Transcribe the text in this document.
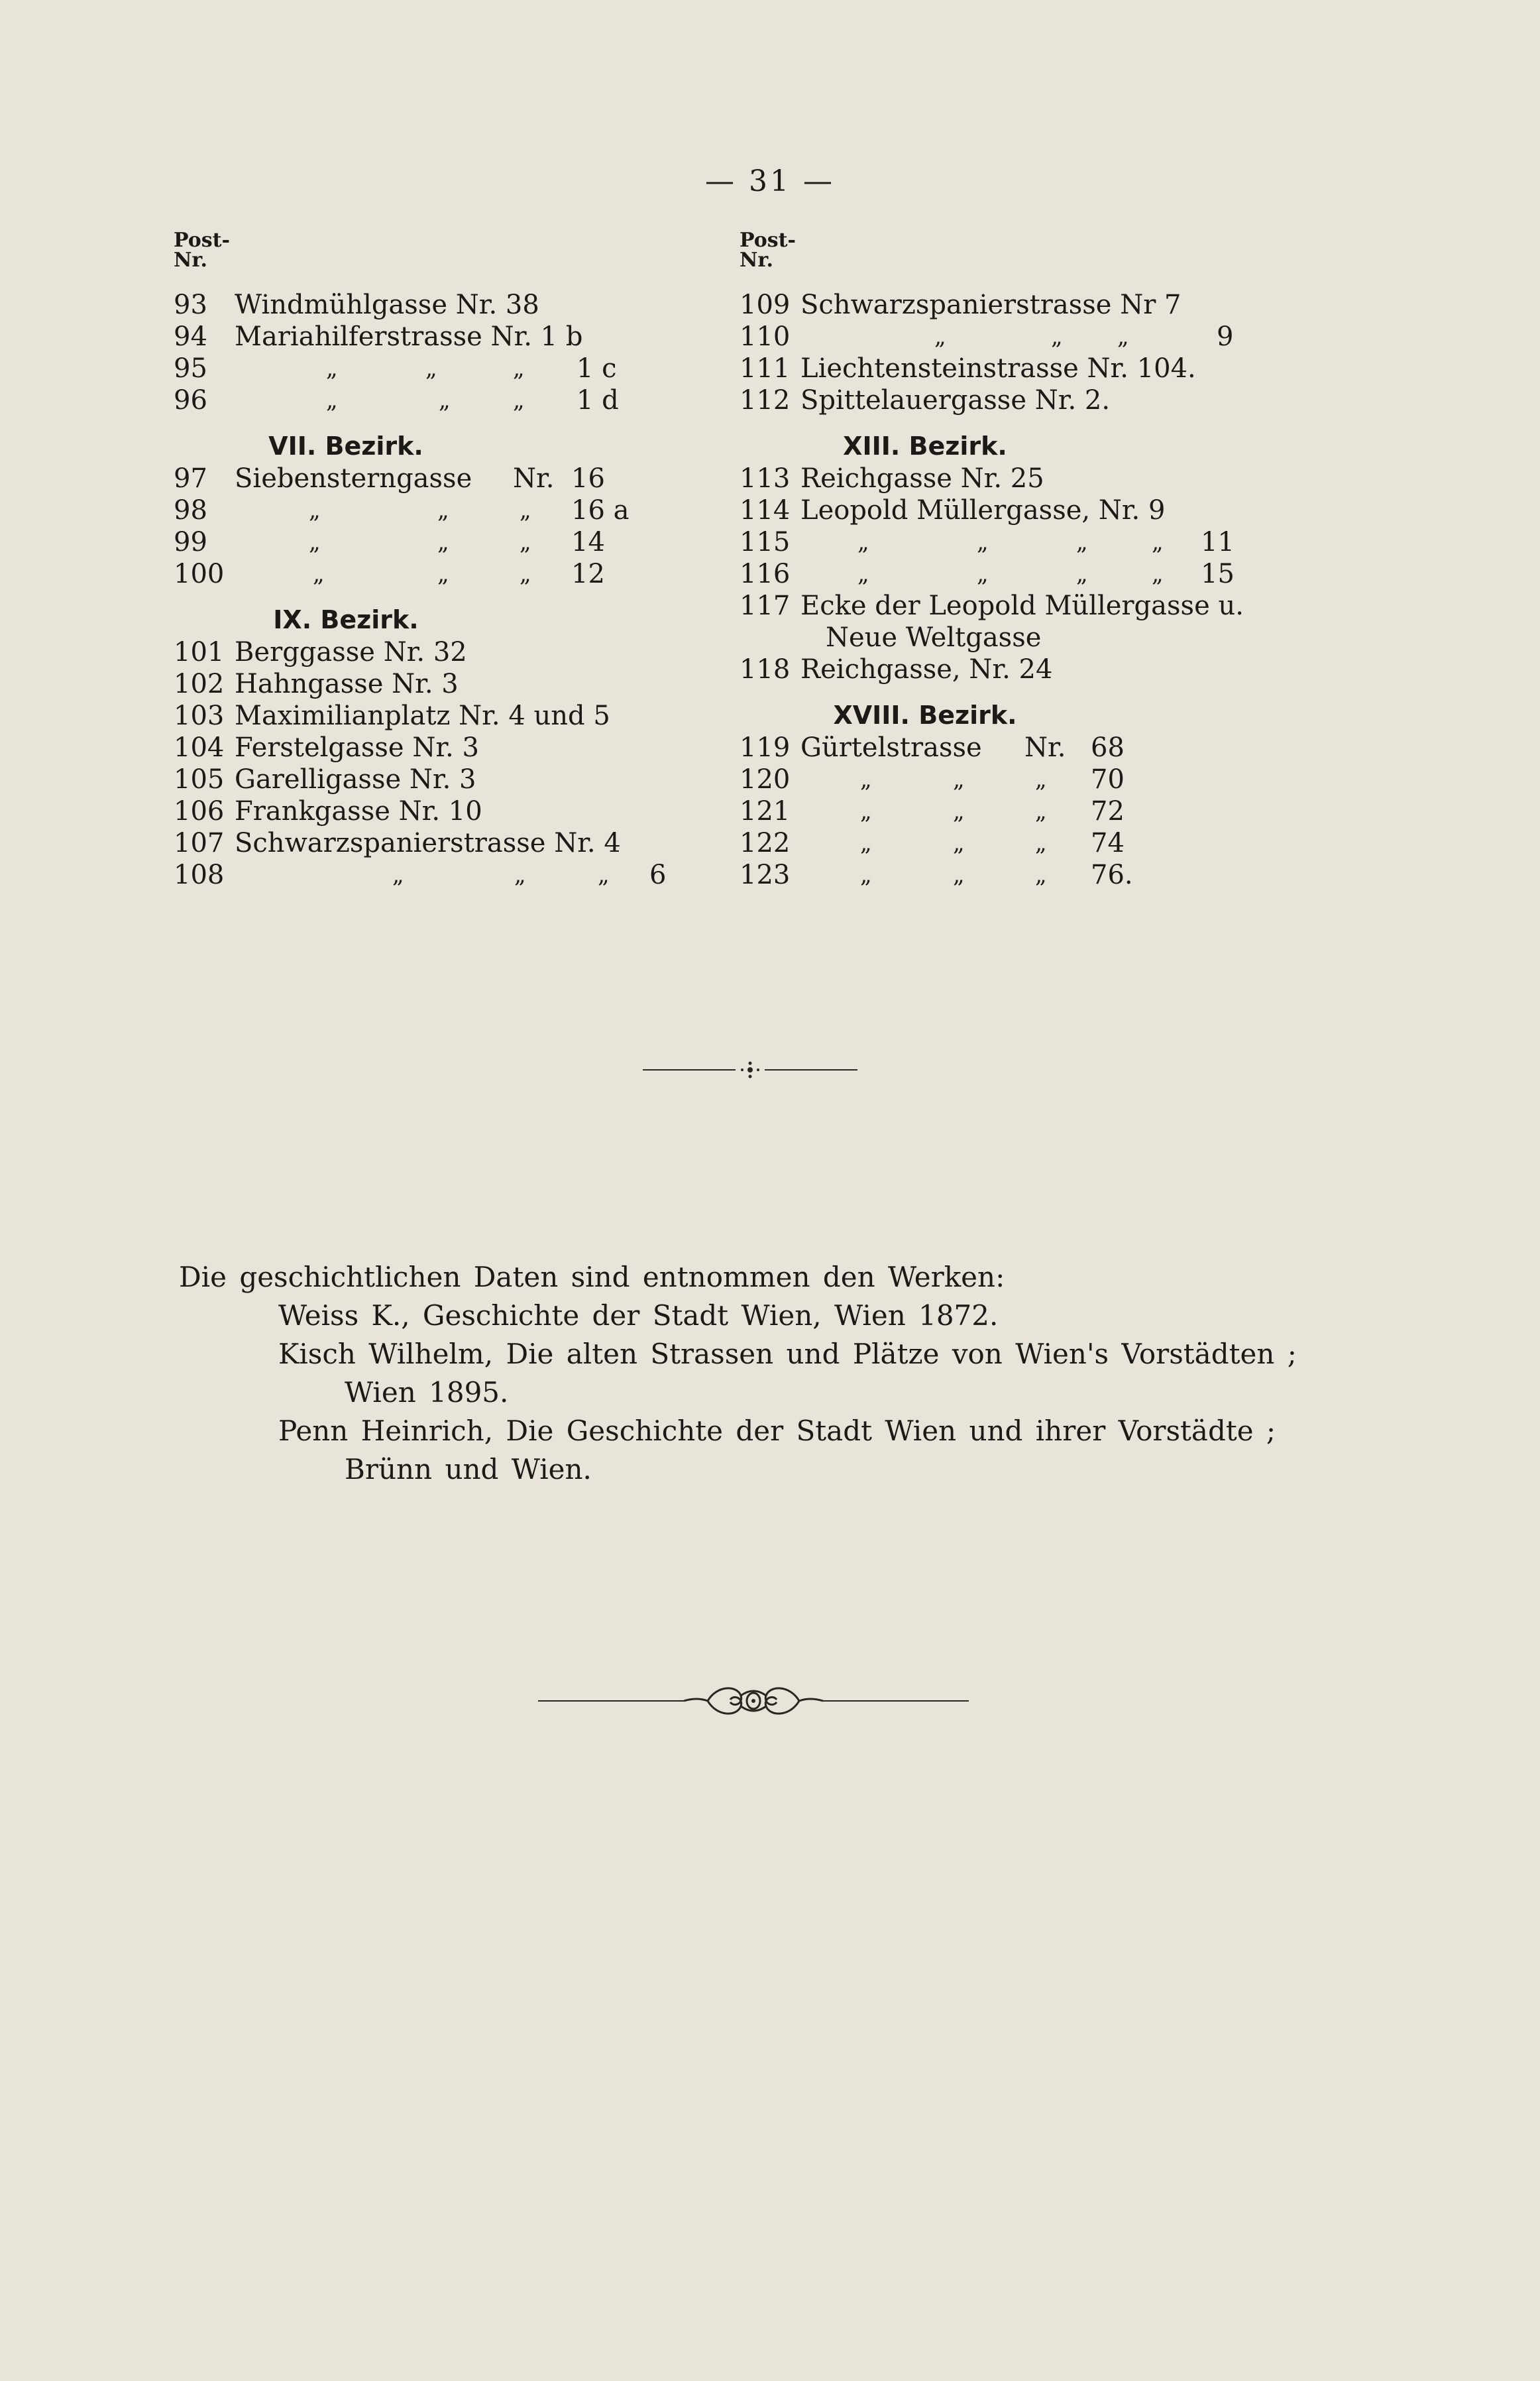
— 31 —
Post-
Nr.
93	Windmühlgasse Nr. 38
94	Mariahilferstrasse Nr. 1 b
95	„	„	„ 1 c
96	„	„	„ 1 d
VII. Bezirk.
97	Siebensterngasse Nr. 16
98	„	„	„ 16 a
99	„	„	„ 14
100	„	„	„ 12
IX. Bezirk.
101 Berggasse Nr. 32
102 Hahngasse Nr. 3
103 Maximilianplatz Nr. 4 und 5
104 Ferstelgasse Nr. 3
105 Garelligasse Nr. 3
106 Frankgasse Nr. 10
107 Schwarzspanierstrasse Nr. 4
108	„	„	„ 6
Post-
Nr.
109 Schwarzspanierstrasse Nr 7
110	„	„ „	9
111 Liechtensteinstrasse Nr. 104.
112 Spittelauergasse Nr. 2.
XIII. Bezirk.
113 Reichgasse Nr. 25
114 Leopold Müllergasse, Nr. 9
115	„	„	„	„ 11
116	„	„	„	„ 15
117 Ecke der Leopold Müllergasse u.
Neue Weltgasse
118 Reichgasse, Nr. 24
XVIII. Bezirk.
119 Gürtelstrasse Nr. 68
120	„	„	„ 70
121	„	„	„ 72
122	„	„	„ 74
123	„	„	„ 76.
Die geschichtlichen Daten sind entnommen den Werken:
Weiss K., Geschichte der Stadt Wien, Wien 1872.
Kisch Wilhelm, Die alten Strassen und Plätze von Wien's Vorstädten ;
Wien 1895.
Penn Heinrich, Die Geschichte der Stadt Wien und ihrer Vorstädte ;
Brünn und Wien.
